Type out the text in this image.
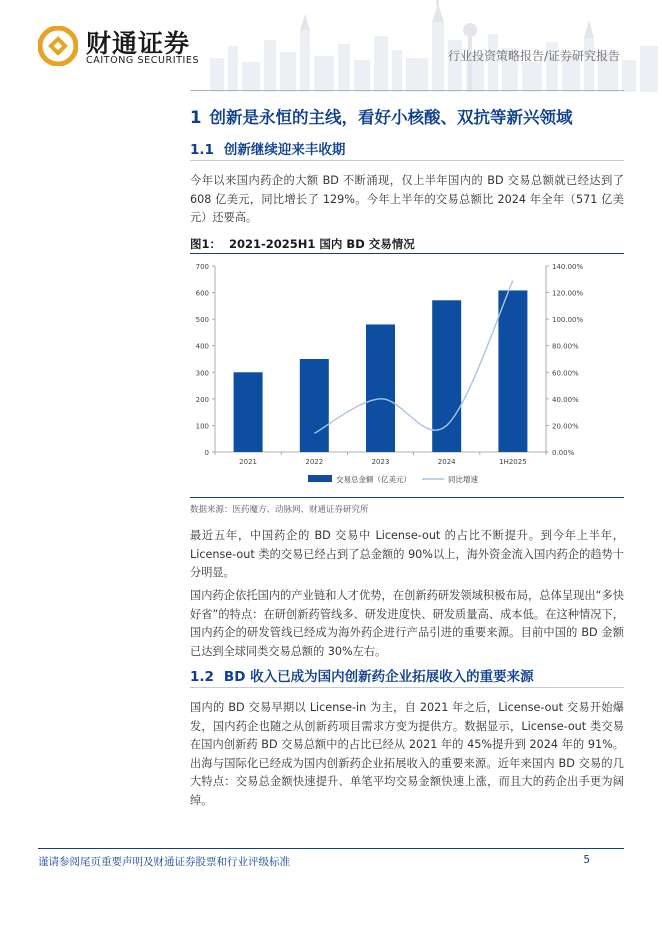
财通证券
CAITONG SECURITIES	行业投资策略报告/证券研究报告
1 创新是永恒的主线，看好小核酸、双抗等新兴领域
1.1 创新继续迎来丰收期

今年以来国内药企的大额 BD 不断涌现，仅上半年国内的 BD 交易总额就已经达到了 608 亿美元，同比增长了 129%。今年上半年的交易总额比 2024 年全年（571 亿美元）还要高。

图1： 2021-2025H1 国内 BD 交易情况
0
100
200
300
400
500
600
700
0.00%
20.00%
40.00%
60.00%
80.00%
100.00%
120.00%
140.00%
2021	2022	2023	2024	1H2025
交易总金额（亿美元）	同比增速
数据来源：医药魔方、动脉网、财通证券研究所

最近五年，中国药企的 BD 交易中 License-out 的占比不断提升。到今年上半年，License-out 类的交易已经占到了总金额的 90%以上，海外资金流入国内药企的趋势十分明显。

国内药企依托国内的产业链和人才优势，在创新药研发领域积极布局，总体呈现出“多快好省”的特点：在研创新药管线多、研发进度快、研发质量高、成本低。在这种情况下，国内药企的研发管线已经成为海外药企进行产品引进的重要来源。目前中国的 BD 金额已达到全球同类交易总额的 30%左右。

1.2 BD 收入已成为国内创新药企业拓展收入的重要来源

国内的 BD 交易早期以 License-in 为主，自 2021 年之后，License-out 交易开始爆发，国内药企也随之从创新药项目需求方变为提供方。数据显示，License-out 类交易在国内创新药 BD 交易总额中的占比已经从 2021 年的 45%提升到 2024 年的 91%。出海与国际化已经成为国内创新药企业拓展收入的重要来源。近年来国内 BD 交易的几大特点：交易总金额快速提升、单笔平均交易金额快速上涨，而且大的药企出手更为阔绰。

谨请参阅尾页重要声明及财通证券股票和行业评级标准	5
